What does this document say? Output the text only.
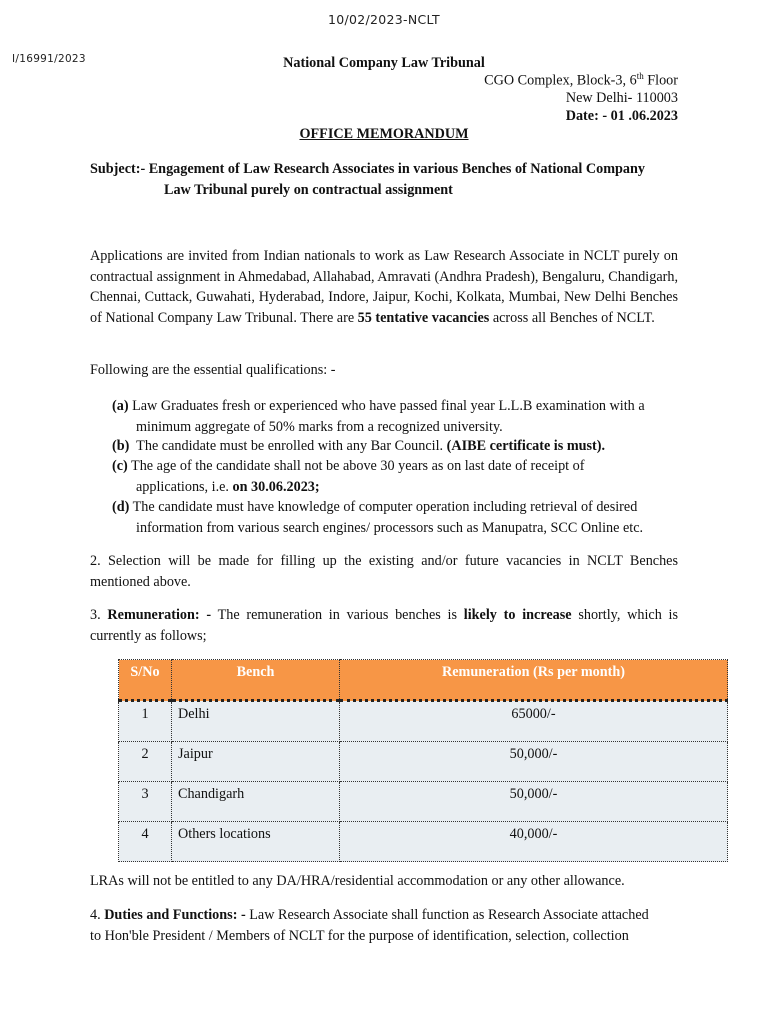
10/02/2023-NCLT
I/16991/2023	National Company Law Tribunal
CGO Complex, Block-3, 6th Floor
New Delhi- 110003
Date: - 01 .06.2023
OFFICE MEMORANDUM
Subject:- Engagement of Law Research Associates in various Benches of National Company
Law Tribunal purely on contractual assignment

Applications are invited from Indian nationals to work as Law Research Associate in NCLT purely on contractual assignment in Ahmedabad, Allahabad, Amravati (Andhra Pradesh), Bengaluru, Chandigarh, Chennai, Cuttack, Guwahati, Hyderabad, Indore, Jaipur, Kochi, Kolkata, Mumbai, New Delhi Benches of National Company Law Tribunal. There are 55 tentative vacancies across all Benches of NCLT.

Following are the essential qualifications: -

(a) Law Graduates fresh or experienced who have passed final year L.L.B examination with a
minimum aggregate of 50% marks from a recognized university.
(b)  The candidate must be enrolled with any Bar Council. (AIBE certificate is must).
(c) The age of the candidate shall not be above 30 years as on last date of receipt of
applications, i.e. on 30.06.2023;
(d) The candidate must have knowledge of computer operation including retrieval of desired
information from various search engines/ processors such as Manupatra, SCC Online etc.

2. Selection will be made for filling up the existing and/or future vacancies in NCLT Benches mentioned above.

3. Remuneration: - The remuneration in various benches is likely to increase shortly, which is currently as follows;

S/No	Bench	Remuneration (Rs per month)
1	Delhi	65000/-
2	Jaipur	50,000/-
3	Chandigarh	50,000/-
4	Others locations	40,000/-

LRAs will not be entitled to any DA/HRA/residential accommodation or any other allowance.

4. Duties and Functions: - Law Research Associate shall function as Research Associate attached
to Hon'ble President / Members of NCLT for the purpose of identification, selection, collection
